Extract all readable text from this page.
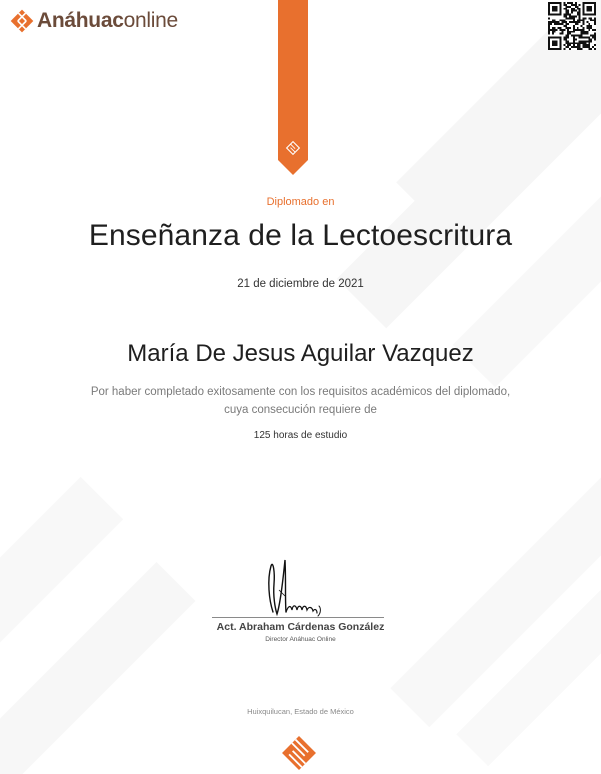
Anáhuaconline
Diplomado en
Enseñanza de la Lectoescritura
21 de diciembre de 2021
María De Jesus Aguilar Vazquez
Por haber completado exitosamente con los requisitos académicos del diplomado,
cuya consecución requiere de
125 horas de estudio
Act. Abraham Cárdenas González
Director Anáhuac Online
Huixquilucan, Estado de México
